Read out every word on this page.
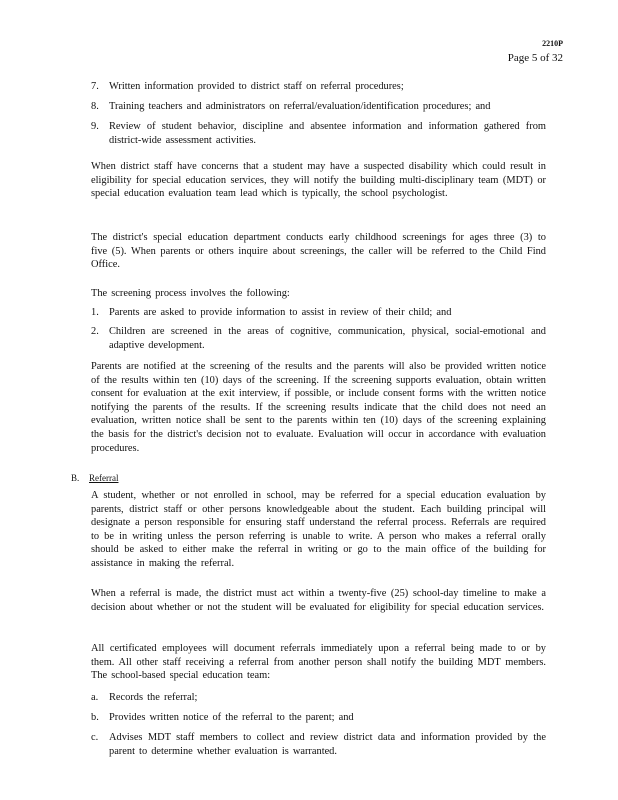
2210P
Page 5 of 32
7. Written information provided to district staff on referral procedures;
8. Training teachers and administrators on referral/evaluation/identification procedures; and
9. Review of student behavior, discipline and absentee information and information gathered from district-wide assessment activities.
When district staff have concerns that a student may have a suspected disability which could result in eligibility for special education services, they will notify the building multi-disciplinary team (MDT) or special education evaluation team lead which is typically, the school psychologist.
The district's special education department conducts early childhood screenings for ages three (3) to five (5). When parents or others inquire about screenings, the caller will be referred to the Child Find Office.
The screening process involves the following:
1. Parents are asked to provide information to assist in review of their child; and
2. Children are screened in the areas of cognitive, communication, physical, social-emotional and adaptive development.
Parents are notified at the screening of the results and the parents will also be provided written notice of the results within ten (10) days of the screening. If the screening supports evaluation, obtain written consent for evaluation at the exit interview, if possible, or include consent forms with the written notice notifying the parents of the results. If the screening results indicate that the child does not need an evaluation, written notice shall be sent to the parents within ten (10) days of the screening explaining the basis for the district's decision not to evaluate. Evaluation will occur in accordance with evaluation procedures.
B. Referral
A student, whether or not enrolled in school, may be referred for a special education evaluation by parents, district staff or other persons knowledgeable about the student. Each building principal will designate a person responsible for ensuring staff understand the referral process. Referrals are required to be in writing unless the person referring is unable to write. A person who makes a referral orally should be asked to either make the referral in writing or go to the main office of the building for assistance in making the referral.
When a referral is made, the district must act within a twenty-five (25) school-day timeline to make a decision about whether or not the student will be evaluated for eligibility for special education services.
All certificated employees will document referrals immediately upon a referral being made to or by them. All other staff receiving a referral from another person shall notify the building MDT members. The school-based special education team:
a. Records the referral;
b. Provides written notice of the referral to the parent; and
c. Advises MDT staff members to collect and review district data and information provided by the parent to determine whether evaluation is warranted.
